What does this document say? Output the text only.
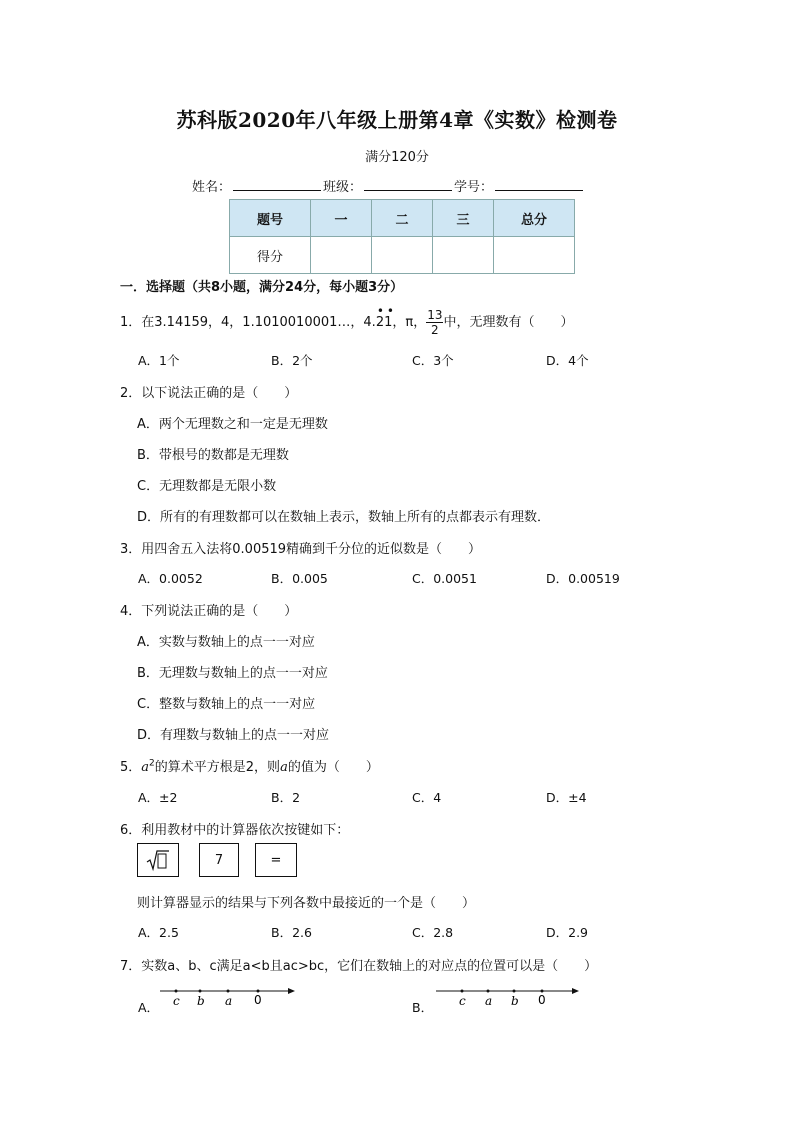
苏科版2020年八年级上册第4章《实数》检测卷
满分120分
姓名：	班级：	学号：
题号	一	二	三	总分
得分				
一．选择题（共8小题，满分24分，每小题3分）
1．在3.14159，4，1.1010010001…，4.
••
21，π， $\frac{13}{2}$ 中，无理数有（　　）
A．1个	B．2个	C．3个	D．4个
2．以下说法正确的是（　　）
A．两个无理数之和一定是无理数
B．带根号的数都是无理数
C．无理数都是无限小数
D．所有的有理数都可以在数轴上表示，数轴上所有的点都表示有理数．
3．用四舍五入法将0.00519精确到千分位的近似数是（　　）
A．0.0052	B．0.005	C．0.0051	D．0.00519
4．下列说法正确的是（　　）
A．实数与数轴上的点一一对应
B．无理数与数轴上的点一一对应
C．整数与数轴上的点一一对应
D．有理数与数轴上的点一一对应
5．$a^2$的算术平方根是2，则a的值为（　　）
A．±2	B．2	C．4	D．±4
6．利用教材中的计算器依次按键如下：
7	=
则计算器显示的结果与下列各数中最接近的一个是（　　）
A．2.5	B．2.6	C．2.8	D．2.9
7．实数a、b、c满足a<b且ac>bc，它们在数轴上的对应点的位置可以是（　　）
A． c b a 0	B． c a b 0
